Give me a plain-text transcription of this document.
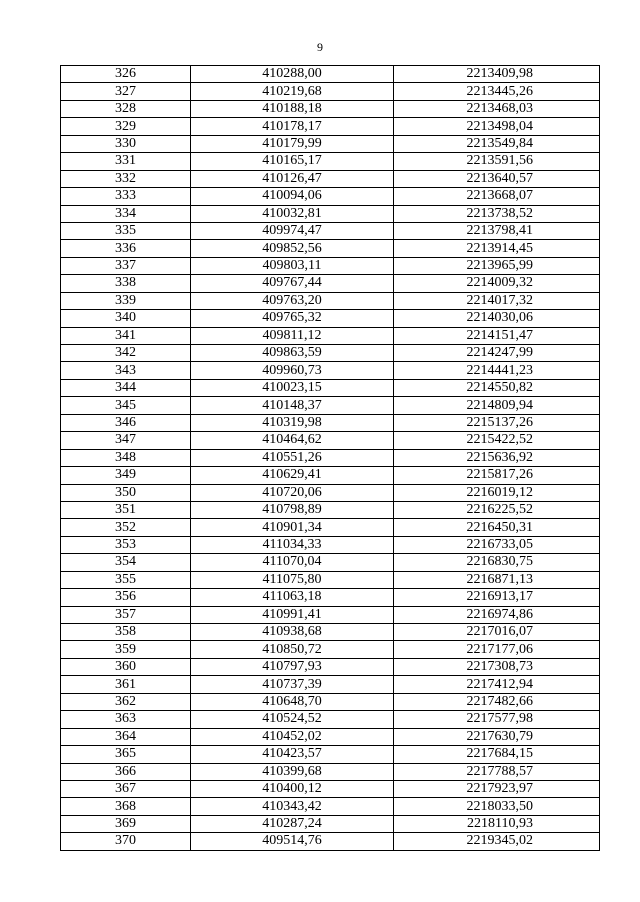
9
326	410288,00	2213409,98
327	410219,68	2213445,26
328	410188,18	2213468,03
329	410178,17	2213498,04
330	410179,99	2213549,84
331	410165,17	2213591,56
332	410126,47	2213640,57
333	410094,06	2213668,07
334	410032,81	2213738,52
335	409974,47	2213798,41
336	409852,56	2213914,45
337	409803,11	2213965,99
338	409767,44	2214009,32
339	409763,20	2214017,32
340	409765,32	2214030,06
341	409811,12	2214151,47
342	409863,59	2214247,99
343	409960,73	2214441,23
344	410023,15	2214550,82
345	410148,37	2214809,94
346	410319,98	2215137,26
347	410464,62	2215422,52
348	410551,26	2215636,92
349	410629,41	2215817,26
350	410720,06	2216019,12
351	410798,89	2216225,52
352	410901,34	2216450,31
353	411034,33	2216733,05
354	411070,04	2216830,75
355	411075,80	2216871,13
356	411063,18	2216913,17
357	410991,41	2216974,86
358	410938,68	2217016,07
359	410850,72	2217177,06
360	410797,93	2217308,73
361	410737,39	2217412,94
362	410648,70	2217482,66
363	410524,52	2217577,98
364	410452,02	2217630,79
365	410423,57	2217684,15
366	410399,68	2217788,57
367	410400,12	2217923,97
368	410343,42	2218033,50
369	410287,24	2218110,93
370	409514,76	2219345,02
